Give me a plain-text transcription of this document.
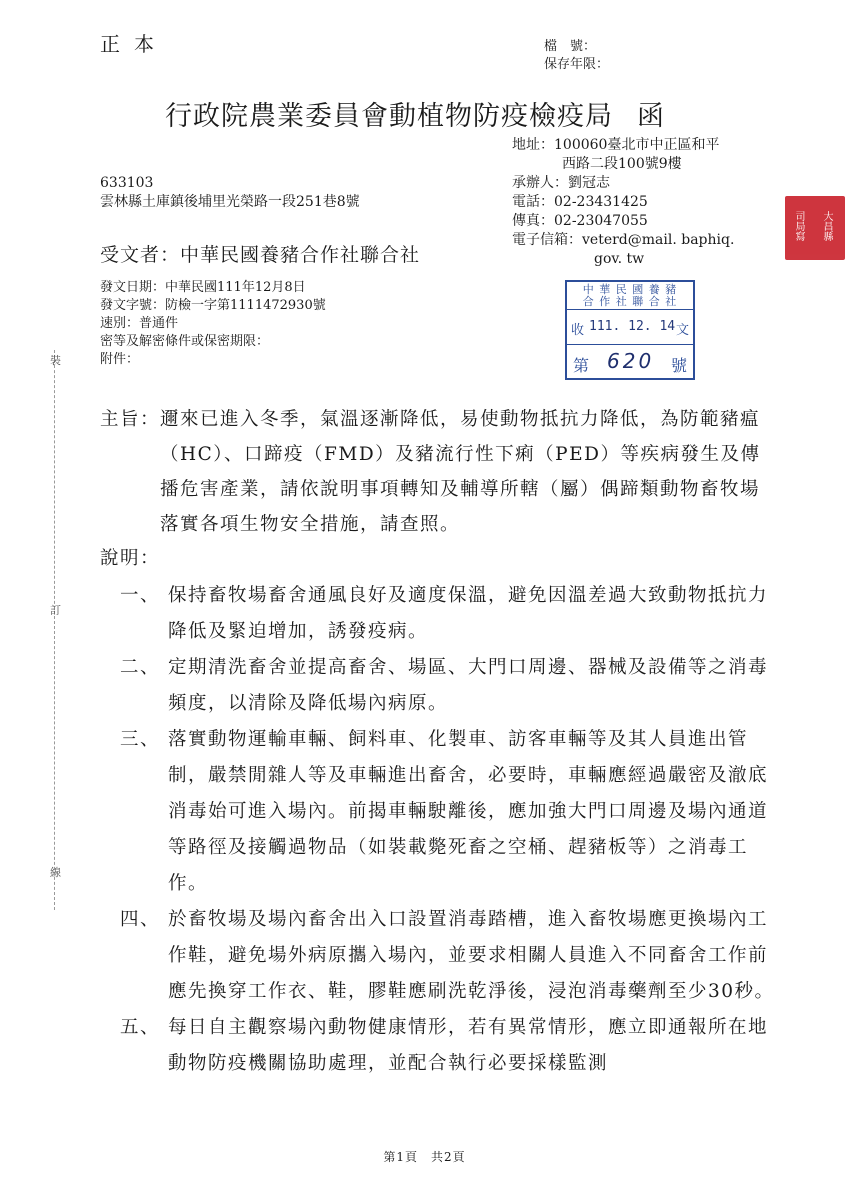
正本	檔　號：
保存年限：
行政院農業委員會動植物防疫檢疫局 函
地址：100060臺北市中正區和平
西路二段100號9樓
承辦人：劉冠志
電話：02-23431425
傳真：02-23047055
電子信箱：veterd@mail. baphiq.
gov. tw
633103
雲林縣土庫鎮後埔里光榮路一段251巷8號
受文者：中華民國養豬合作社聯合社
發文日期：中華民國111年12月8日
發文字號：防檢一字第1111472930號
速別：普通件
密等及解密條件或保密期限：
附件：
中 華 民 國 養 豬
合 作 社 聯 合 社
收 111. 12. 14 文
第 620 號
司	大
局	昌
寫	縣
裝
訂
線
主旨： 邇來已進入冬季，氣溫逐漸降低，易使動物抵抗力降低，為防範豬瘟（HC）、口蹄疫（FMD）及豬流行性下痢（PED）等疾病發生及傳播危害產業，請依說明事項轉知及輔導所轄（屬）偶蹄類動物畜牧場落實各項生物安全措施，請查照。
說明：
一、 保持畜牧場畜舍通風良好及適度保溫，避免因溫差過大致動物抵抗力降低及緊迫增加，誘發疫病。
二、 定期清洗畜舍並提高畜舍、場區、大門口周邊、器械及設備等之消毒頻度，以清除及降低場內病原。
三、 落實動物運輸車輛、飼料車、化製車、訪客車輛等及其人員進出管制，嚴禁閒雜人等及車輛進出畜舍，必要時，車輛應經過嚴密及澈底消毒始可進入場內。前揭車輛駛離後，應加強大門口周邊及場內通道等路徑及接觸過物品（如裝載斃死畜之空桶、趕豬板等）之消毒工作。
四、 於畜牧場及場內畜舍出入口設置消毒踏槽，進入畜牧場應更換場內工作鞋，避免場外病原攜入場內，並要求相關人員進入不同畜舍工作前應先換穿工作衣、鞋，膠鞋應刷洗乾淨後，浸泡消毒藥劑至少30秒。
五、 每日自主觀察場內動物健康情形，若有異常情形，應立即通報所在地動物防疫機關協助處理，並配合執行必要採樣監測
第1頁　共2頁
